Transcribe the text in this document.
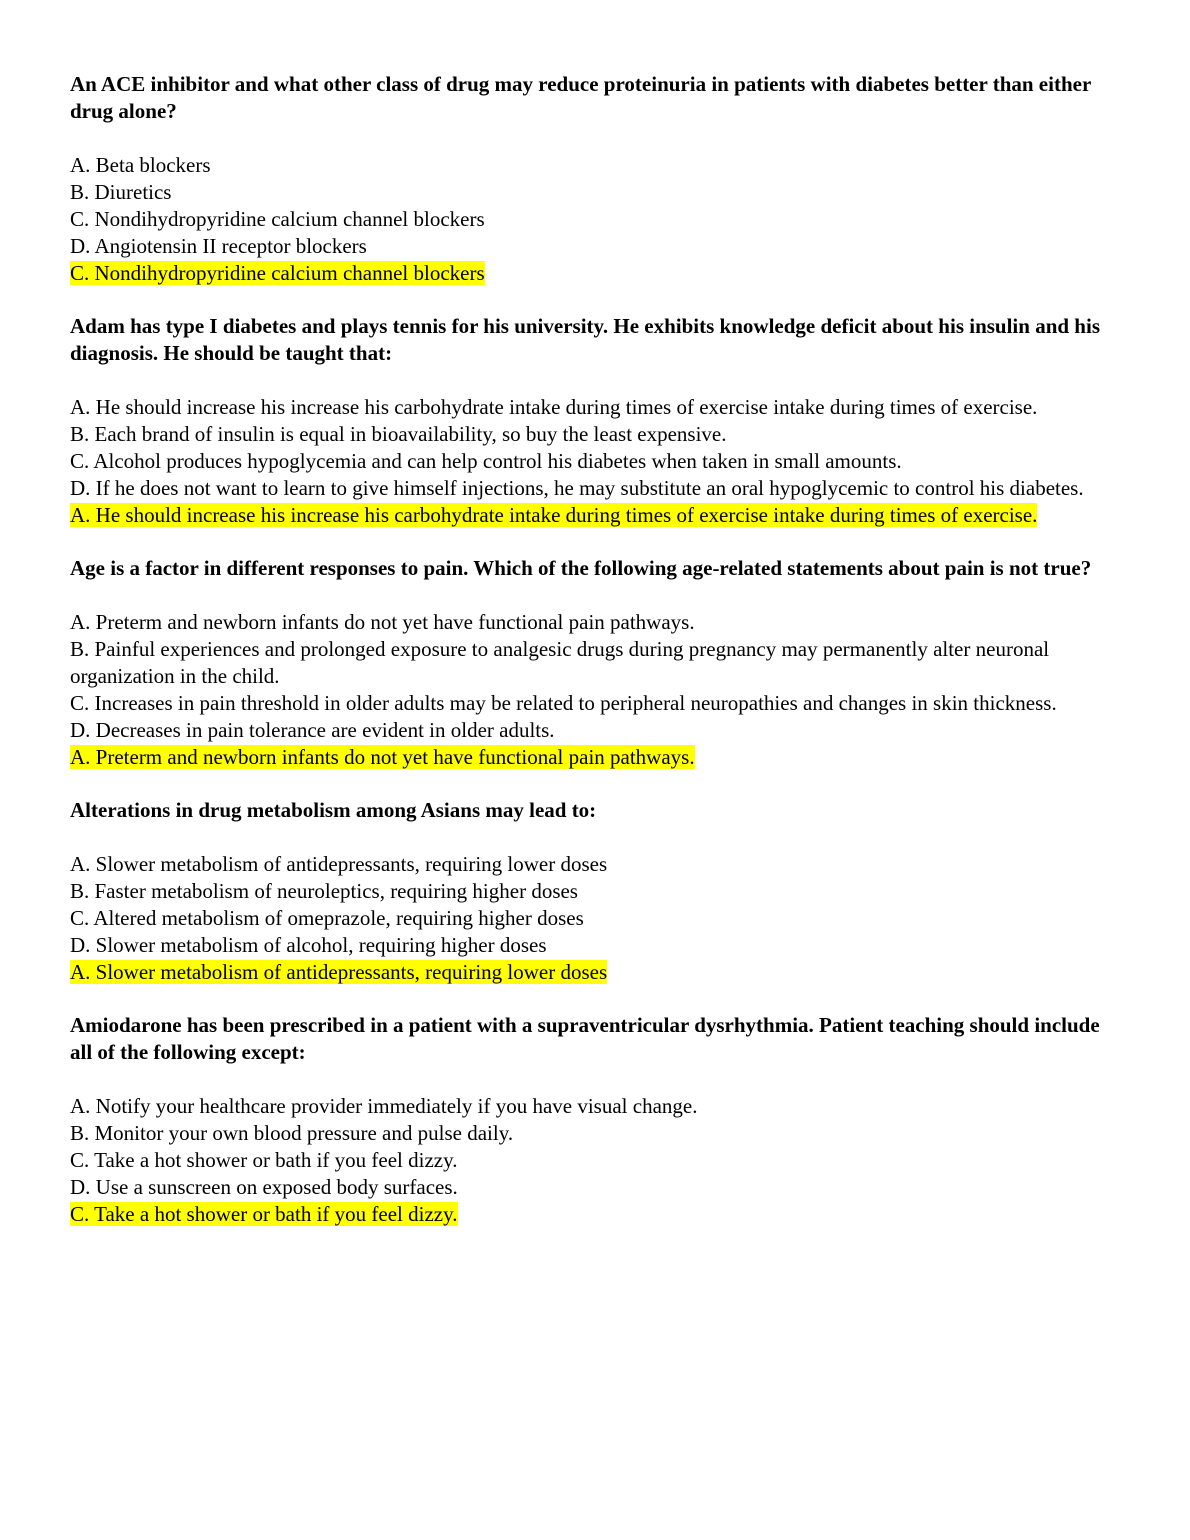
An ACE inhibitor and what other class of drug may reduce proteinuria in patients with diabetes better than either drug alone?

A. Beta blockers

B. Diuretics

C. Nondihydropyridine calcium channel blockers

D. Angiotensin II receptor blockers

C. Nondihydropyridine calcium channel blockers

Adam has type I diabetes and plays tennis for his university. He exhibits knowledge deficit about his insulin and his diagnosis. He should be taught that:

A. He should increase his increase his carbohydrate intake during times of exercise intake during times of exercise.

B. Each brand of insulin is equal in bioavailability, so buy the least expensive.

C. Alcohol produces hypoglycemia and can help control his diabetes when taken in small amounts.

D. If he does not want to learn to give himself injections, he may substitute an oral hypoglycemic to control his diabetes.

A. He should increase his increase his carbohydrate intake during times of exercise intake during times of exercise.

Age is a factor in different responses to pain. Which of the following age-related statements about pain is not true?

A. Preterm and newborn infants do not yet have functional pain pathways.

B. Painful experiences and prolonged exposure to analgesic drugs during pregnancy may permanently alter neuronal organization in the child.

C. Increases in pain threshold in older adults may be related to peripheral neuropathies and changes in skin thickness.

D. Decreases in pain tolerance are evident in older adults.

A. Preterm and newborn infants do not yet have functional pain pathways.

Alterations in drug metabolism among Asians may lead to:

A. Slower metabolism of antidepressants, requiring lower doses

B. Faster metabolism of neuroleptics, requiring higher doses

C. Altered metabolism of omeprazole, requiring higher doses

D. Slower metabolism of alcohol, requiring higher doses

A. Slower metabolism of antidepressants, requiring lower doses

Amiodarone has been prescribed in a patient with a supraventricular dysrhythmia. Patient teaching should include all of the following except:

A. Notify your healthcare provider immediately if you have visual change.

B. Monitor your own blood pressure and pulse daily.

C. Take a hot shower or bath if you feel dizzy.

D. Use a sunscreen on exposed body surfaces.

C. Take a hot shower or bath if you feel dizzy.
